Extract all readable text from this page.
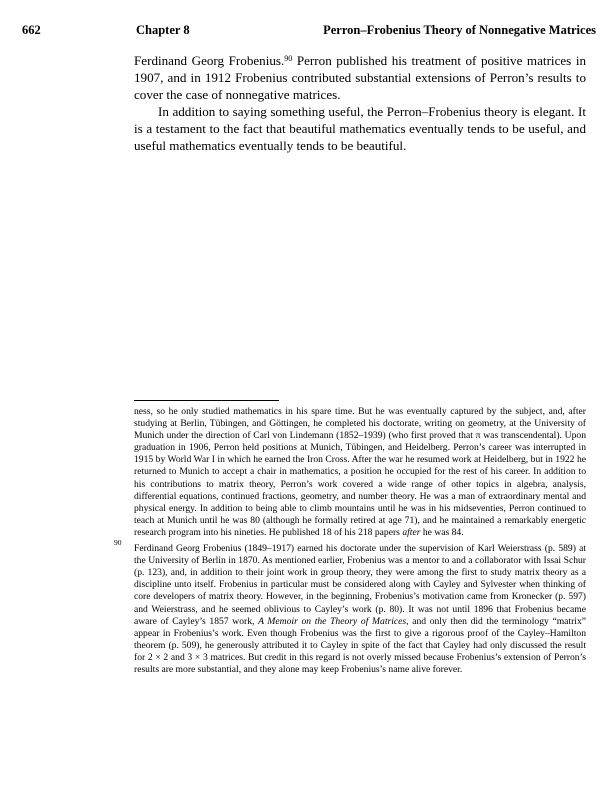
662	Chapter 8	Perron–Frobenius Theory of Nonnegative Matrices

Ferdinand Georg Frobenius.$^{90}$ Perron published his treatment of positive matrices in 1907, and in 1912 Frobenius contributed substantial extensions of Perron’s results to cover the case of nonnegative matrices.

In addition to saying something useful, the Perron–Frobenius theory is elegant. It is a testament to the fact that beautiful mathematics eventually tends to be useful, and useful mathematics eventually tends to be beautiful.

ness, so he only studied mathematics in his spare time. But he was eventually captured by the subject, and, after studying at Berlin, Tübingen, and Göttingen, he completed his doctorate, writing on geometry, at the University of Munich under the direction of Carl von Lindemann (1852–1939) (who first proved that π was transcendental). Upon graduation in 1906, Perron held positions at Munich, Tübingen, and Heidelberg. Perron’s career was interrupted in 1915 by World War I in which he earned the Iron Cross. After the war he resumed work at Heidelberg, but in 1922 he returned to Munich to accept a chair in mathematics, a position he occupied for the rest of his career. In addition to his contributions to matrix theory, Perron’s work covered a wide range of other topics in algebra, analysis, differential equations, continued fractions, geometry, and number theory. He was a man of extraordinary mental and physical energy. In addition to being able to climb mountains until he was in his midseventies, Perron continued to teach at Munich until he was 80 (although he formally retired at age 71), and he maintained a remarkably energetic research program into his nineties. He published 18 of his 218 papers after he was 84.

90
Ferdinand Georg Frobenius (1849–1917) earned his doctorate under the supervision of Karl Weierstrass (p. 589) at the University of Berlin in 1870. As mentioned earlier, Frobenius was a mentor to and a collaborator with Issai Schur (p. 123), and, in addition to their joint work in group theory, they were among the first to study matrix theory as a discipline unto itself. Frobenius in particular must be considered along with Cayley and Sylvester when thinking of core developers of matrix theory. However, in the beginning, Frobenius’s motivation came from Kronecker (p. 597) and Weierstrass, and he seemed oblivious to Cayley’s work (p. 80). It was not until 1896 that Frobenius became aware of Cayley’s 1857 work, A Memoir on the Theory of Matrices, and only then did the terminology “matrix” appear in Frobenius’s work. Even though Frobenius was the first to give a rigorous proof of the Cayley–Hamilton theorem (p. 509), he generously attributed it to Cayley in spite of the fact that Cayley had only discussed the result for 2 × 2 and 3 × 3 matrices. But credit in this regard is not overly missed because Frobenius’s extension of Perron’s results are more substantial, and they alone may keep Frobenius’s name alive forever.
